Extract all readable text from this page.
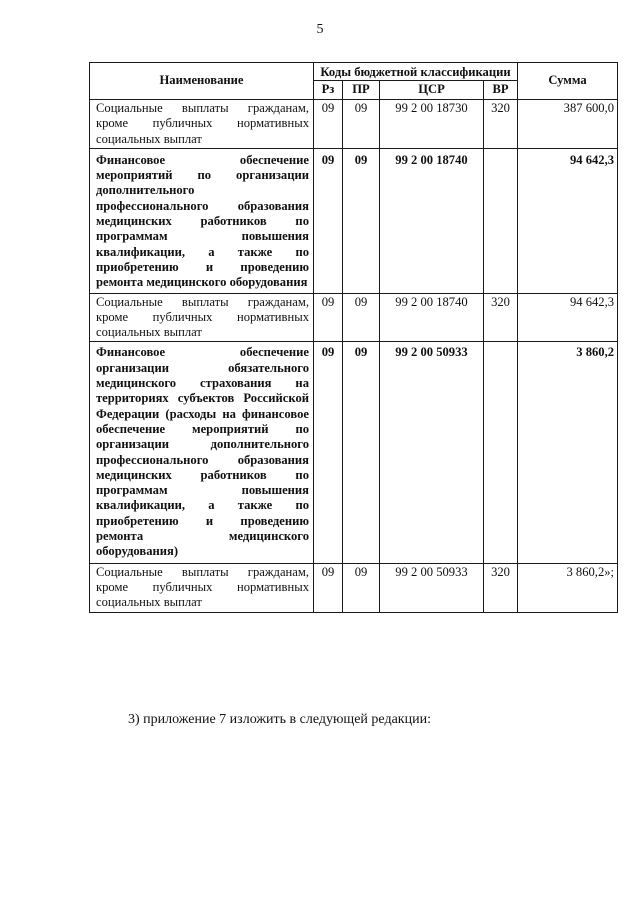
5
Наименование	Коды бюджетной классификации				Сумма
	Рз	ПР	ЦСР	ВР	
Социальные выплаты гражданам, кроме публичных нормативных социальных выплат	09	09	99 2 00 18730	320	387 600,0
Финансовое обеспечение мероприятий по организации дополнительного профессионального образования медицинских работников по программам повышения квалификации, а также по приобретению и проведению ремонта медицинского оборудования	09	09	99 2 00 18740		94 642,3
Социальные выплаты гражданам, кроме публичных нормативных социальных выплат	09	09	99 2 00 18740	320	94 642,3
Финансовое обеспечение организации обязательного медицинского страхования на территориях субъектов Российской Федерации (расходы на финансовое обеспечение мероприятий по организации дополнительного профессионального образования медицинских работников по программам повышения квалификации, а также по приобретению и проведению ремонта медицинского оборудования)	09	09	99 2 00 50933		3 860,2
Социальные выплаты гражданам, кроме публичных нормативных социальных выплат	09	09	99 2 00 50933	320	3 860,2»;
3) приложение 7 изложить в следующей редакции:
